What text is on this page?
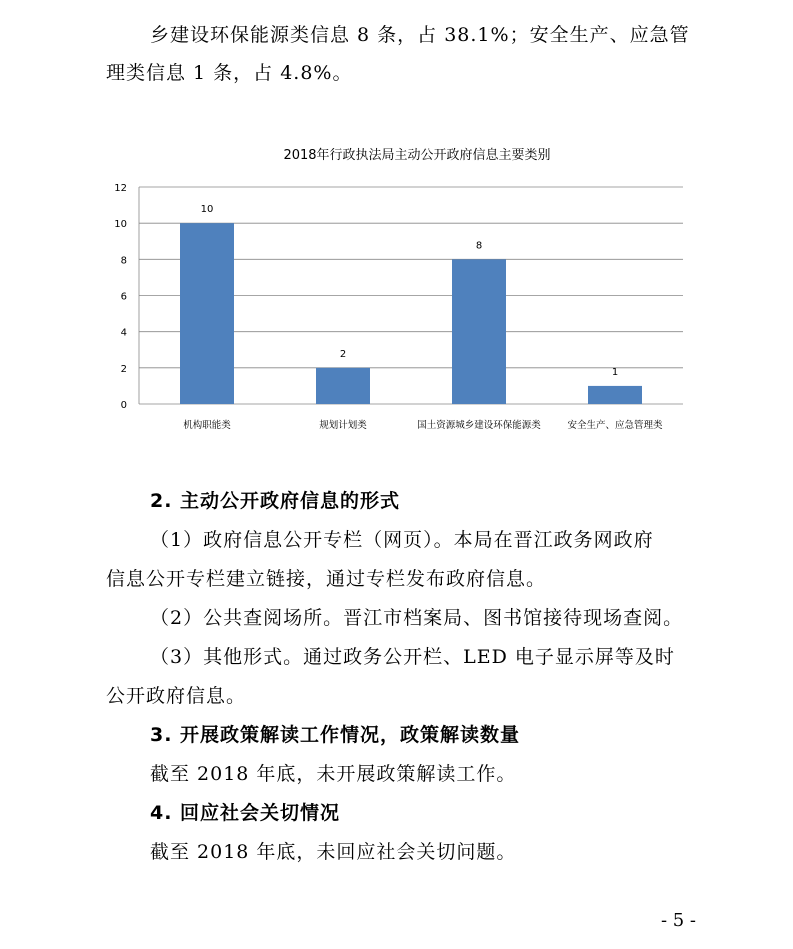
乡建设环保能源类信息 8 条，占 38.1%；安全生产、应急管
理类信息 1 条，占 4.8%。
2018年行政执法局主动公开政府信息主要类别
0
2
4
6
8
10
12
10
机构职能类
2
规划计划类
8
国土资源城乡建设环保能源类
1
安全生产、应急管理类
2. 主动公开政府信息的形式
（1）政府信息公开专栏（网页）。本局在晋江政务网政府
信息公开专栏建立链接，通过专栏发布政府信息。
（2）公共查阅场所。晋江市档案局、图书馆接待现场查阅。
（3）其他形式。通过政务公开栏、LED 电子显示屏等及时
公开政府信息。
3. 开展政策解读工作情况，政策解读数量
截至 2018 年底，未开展政策解读工作。
4. 回应社会关切情况
截至 2018 年底，未回应社会关切问题。
- 5 -
